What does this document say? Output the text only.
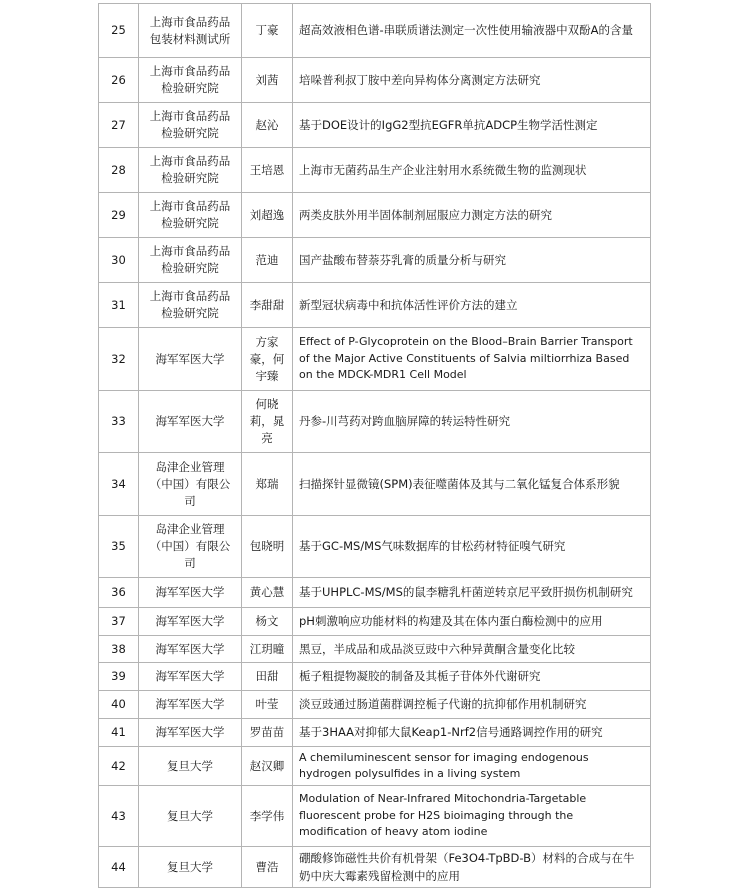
25	上海市食品药品包装材料测试所	丁豪	超高效液相色谱-串联质谱法测定一次性使用输液器中双酚A的含量
26	上海市食品药品检验研究院	刘茜	培哚普利叔丁胺中差向异构体分离测定方法研究
27	上海市食品药品检验研究院	赵沁	基于DOE设计的IgG2型抗EGFR单抗ADCP生物学活性测定
28	上海市食品药品检验研究院	王培恩	上海市无菌药品生产企业注射用水系统微生物的监测现状
29	上海市食品药品检验研究院	刘超逸	两类皮肤外用半固体制剂屈服应力测定方法的研究
30	上海市食品药品检验研究院	范迪	国产盐酸布替萘芬乳膏的质量分析与研究
31	上海市食品药品检验研究院	李甜甜	新型冠状病毒中和抗体活性评价方法的建立
32	海军军医大学	方家豪，何宇臻	Effect of P-Glycoprotein on the Blood–Brain Barrier Transport of the Major Active Constituents of Salvia miltiorrhiza Based on the MDCK-MDR1 Cell Model
33	海军军医大学	何晓莉，晁亮	丹参-川芎药对跨血脑屏障的转运特性研究
34	岛津企业管理（中国）有限公司	郑瑞	扫描探针显微镜(SPM)表征噬菌体及其与二氧化锰复合体系形貌
35	岛津企业管理（中国）有限公司	包晓明	基于GC-MS/MS气味数据库的甘松药材特征嗅气研究
36	海军军医大学	黄心慧	基于UHPLC-MS/MS的鼠李糖乳杆菌逆转京尼平致肝损伤机制研究
37	海军军医大学	杨文	pH刺激响应功能材料的构建及其在体内蛋白酶检测中的应用
38	海军军医大学	江玥曈	黑豆，半成品和成品淡豆豉中六种异黄酮含量变化比较
39	海军军医大学	田甜	栀子粗提物凝胶的制备及其栀子苷体外代谢研究
40	海军军医大学	叶莹	淡豆豉通过肠道菌群调控栀子代谢的抗抑郁作用机制研究
41	海军军医大学	罗苗苗	基于3HAA对抑郁大鼠Keap1-Nrf2信号通路调控作用的研究
42	复旦大学	赵汉卿	A chemiluminescent sensor for imaging endogenous hydrogen polysulfides in a living system
43	复旦大学	李学伟	Modulation of Near-Infrared Mitochondria-Targetable fluorescent probe for H2S bioimaging through the modification of heavy atom iodine
44	复旦大学	曹浩	硼酸修饰磁性共价有机骨架（Fe3O4-TpBD-B）材料的合成与在牛奶中庆大霉素残留检测中的应用
